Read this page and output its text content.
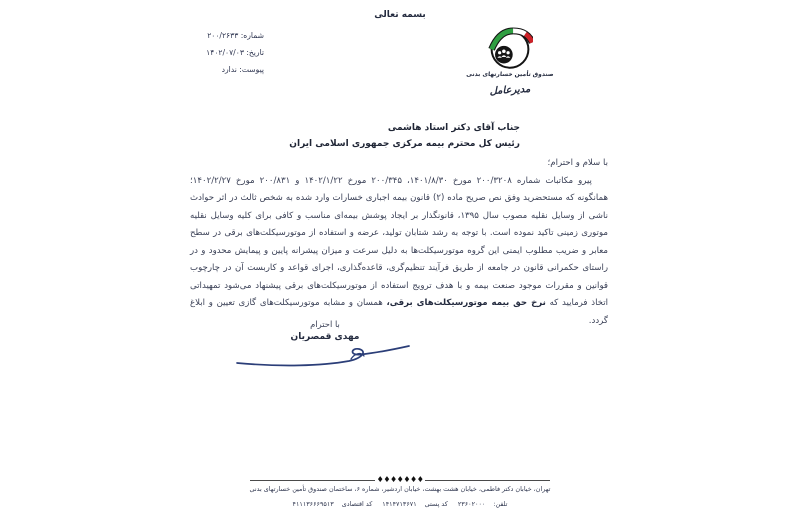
بسمه تعالی
شماره: ۲۰۰/۲۶۳۳
تاریخ: ۱۴۰۲/۰۷/۰۳
پیوست: ندارد
صندوق تأمین خسارتهای بدنی
مدیرعامل
جناب آقای دکتر استاد هاشمی
رئیس کل محترم بیمه مرکزی جمهوری اسلامی ایران
با سلام و احترام؛

پیرو مکاتبات شماره ۲۰۰/۳۲۰۸ مورخ ۱۴۰۱/۸/۳۰، ۲۰۰/۳۴۵ مورخ ۱۴۰۲/۱/۲۲ و ۲۰۰/۸۳۱ مورخ ۱۴۰۲/۲/۲۷؛ همانگونه که مستحضرید وفق نص صریح ماده (۲) قانون بیمه اجباری خسارات وارد شده به شخص ثالث در اثر حوادث ناشی از وسایل نقلیه مصوب سال ۱۳۹۵، قانونگذار بر ایجاد پوشش بیمه‌ای مناسب و کافی برای کلیه وسایل نقلیه موتوری زمینی تاکید نموده است. با توجه به رشد شتابان تولید، عرضه و استفاده از موتورسیکلت‌های برقی در سطح معابر و ضریب مطلوب ایمنی این گروه موتورسیکلت‌ها به دلیل سرعت و میزان پیشرانه پایین و پیمایش محدود و در راستای حکمرانی قانون در جامعه از طریق فرآیند تنظیم‌گری، قاعده‌گذاری، اجرای قواعد و کاربست آن در چارچوب قوانین و مقررات موجود صنعت بیمه و با هدف ترویج استفاده از موتورسیکلت‌های برقی پیشنهاد می‌شود تمهیداتی اتخاذ فرمایید که نرخ حق بیمه موتورسیکلت‌های برقی، همسان و مشابه موتورسیکلت‌های گازی تعیین و ابلاغ گردد.

با احترام
مهدی قمصریان
♦♦♦♦♦♦♦
تهران، خیابان دکتر فاطمی، خیابان هشت بهشت، خیابان اردشیر، شماره ۶، ساختمان صندوق تأمین خسارتهای بدنی
تلفن:۲۳۶۰۲۰۰۰ کد پستی۱۴۱۴۷۱۳۶۷۱ کد اقتصادی۴۱۱۱۳۶۶۶۹۵۱۳
